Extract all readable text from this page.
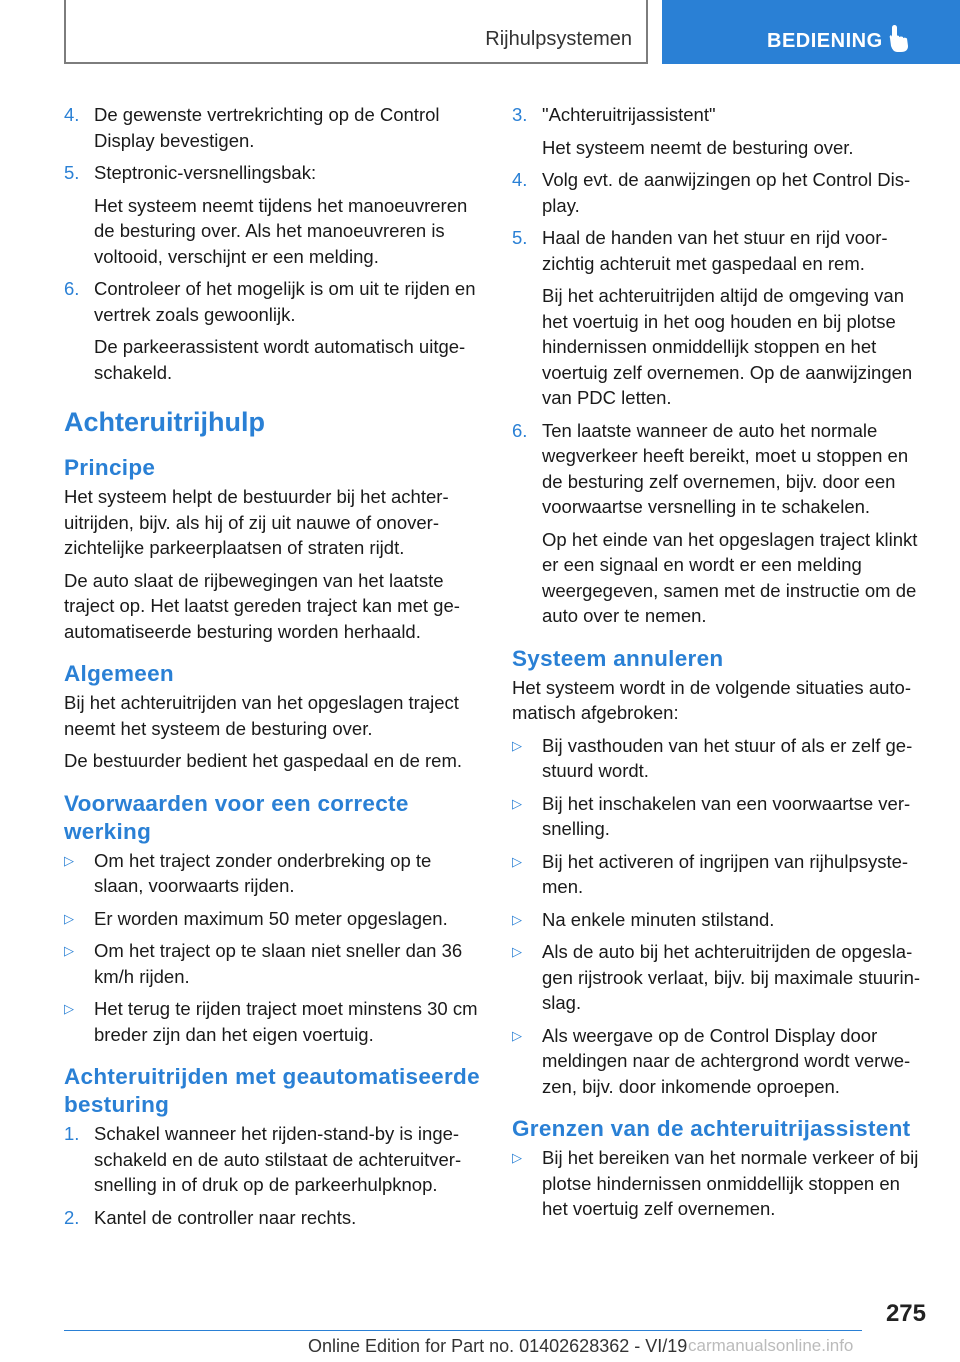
Rijhulpsystemen	BEDIENING
4. De gewenste vertrekrichting op de Control Display bevestigen.

5. Steptronic-versnellingsbak:

Het systeem neemt tijdens het manoeuvreren de besturing over. Als het manoeuvreren is voltooid, verschijnt er een melding.

6. Controleer of het mogelijk is om uit te rijden en vertrek zoals gewoonlijk.

De parkeerassistent wordt automatisch uitgeschakeld.

Achteruitrijhulp
Principe

Het systeem helpt de bestuurder bij het achteruitrijden, bijv. als hij of zij uit nauwe of onoverzichtelijke parkeerplaatsen of straten rijdt.

De auto slaat de rijbewegingen van het laatste traject op. Het laatst gereden traject kan met geautomatiseerde besturing worden herhaald.

Algemeen

Bij het achteruitrijden van het opgeslagen traject neemt het systeem de besturing over.

De bestuurder bedient het gaspedaal en de rem.

Voorwaarden voor een correcte werking
▷	Om het traject zonder onderbreking op te slaan, voorwaarts rijden.

▷	Er worden maximum 50 meter opgeslagen.

▷	Om het traject op te slaan niet sneller dan 36 km/h rijden.

▷	Het terug te rijden traject moet minstens 30 cm breder zijn dan het eigen voertuig.

Achteruitrijden met geautomatiseerde besturing
1. Schakel wanneer het rijden-stand-by is ingeschakeld en de auto stilstaat de achteruitversnelling in of druk op de parkeerhulpknop.

2. Kantel de controller naar rechts.

3. "Achteruitrijassistent"

Het systeem neemt de besturing over.

4. Volg evt. de aanwijzingen op het Control Display.

5. Haal de handen van het stuur en rijd voorzichtig achteruit met gaspedaal en rem.

Bij het achteruitrijden altijd de omgeving van het voertuig in het oog houden en bij plotse hindernissen onmiddellijk stoppen en het voertuig zelf overnemen. Op de aanwijzingen van PDC letten.

6. Ten laatste wanneer de auto het normale wegverkeer heeft bereikt, moet u stoppen en de besturing zelf overnemen, bijv. door een voorwaartse versnelling in te schakelen.

Op het einde van het opgeslagen traject klinkt er een signaal en wordt er een melding weergegeven, samen met de instructie om de auto over te nemen.

Systeem annuleren

Het systeem wordt in de volgende situaties automatisch afgebroken:

▷	Bij vasthouden van het stuur of als er zelf gestuurd wordt.

▷	Bij het inschakelen van een voorwaartse versnelling.

▷	Bij het activeren of ingrijpen van rijhulpsystemen.

▷	Na enkele minuten stilstand.

▷	Als de auto bij het achteruitrijden de opgeslagen rijstrook verlaat, bijv. bij maximale stuurinslag.

▷	Als weergave op de Control Display door meldingen naar de achtergrond wordt verwezen, bijv. door inkomende oproepen.

Grenzen van de achteruitrijassistent
▷	Bij het bereiken van het normale verkeer of bij plotse hindernissen onmiddellijk stoppen en het voertuig zelf overnemen.

275
Online Edition for Part no. 01402628362 - VI/19 carmanualsonline.info
